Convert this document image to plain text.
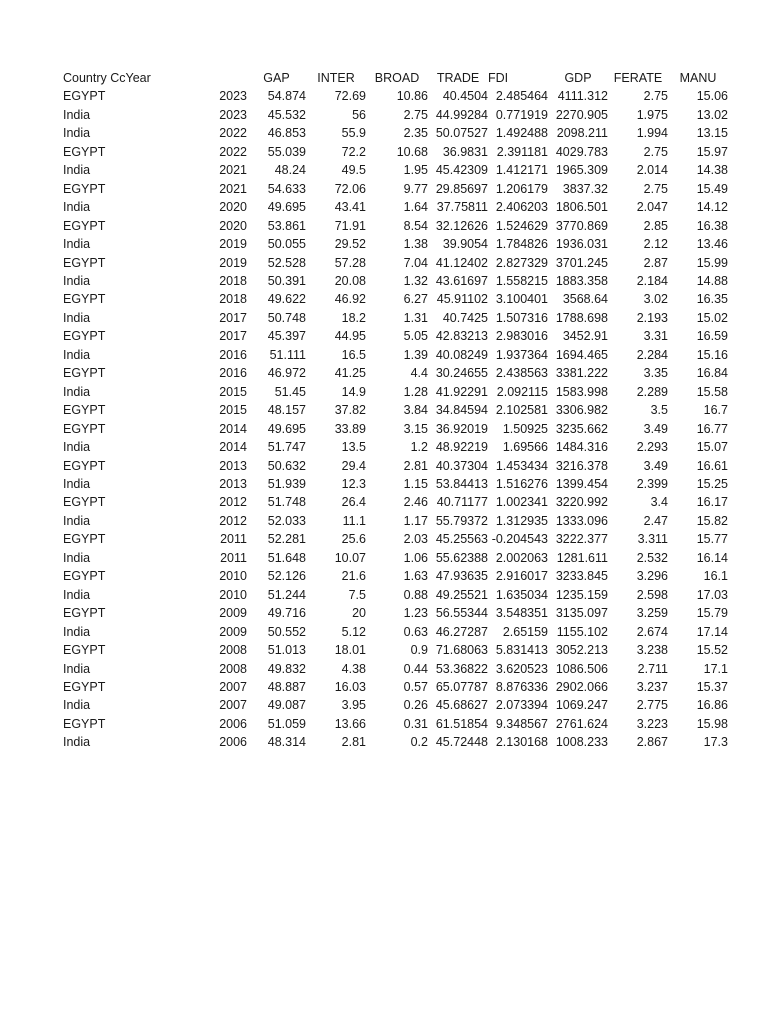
Country CcYear		GAP	INTER	BROAD	TRADE	FDI	GDP	FERATE	MANU
EGYPT	2023	54.874	72.69	10.86	40.4504	2.485464	4111.312	2.75	15.06
India	2023	45.532	56	2.75	44.99284	0.771919	2270.905	1.975	13.02
India	2022	46.853	55.9	2.35	50.07527	1.492488	2098.211	1.994	13.15
EGYPT	2022	55.039	72.2	10.68	36.9831	2.391181	4029.783	2.75	15.97
India	2021	48.24	49.5	1.95	45.42309	1.412171	1965.309	2.014	14.38
EGYPT	2021	54.633	72.06	9.77	29.85697	1.206179	3837.32	2.75	15.49
India	2020	49.695	43.41	1.64	37.75811	2.406203	1806.501	2.047	14.12
EGYPT	2020	53.861	71.91	8.54	32.12626	1.524629	3770.869	2.85	16.38
India	2019	50.055	29.52	1.38	39.9054	1.784826	1936.031	2.12	13.46
EGYPT	2019	52.528	57.28	7.04	41.12402	2.827329	3701.245	2.87	15.99
India	2018	50.391	20.08	1.32	43.61697	1.558215	1883.358	2.184	14.88
EGYPT	2018	49.622	46.92	6.27	45.91102	3.100401	3568.64	3.02	16.35
India	2017	50.748	18.2	1.31	40.7425	1.507316	1788.698	2.193	15.02
EGYPT	2017	45.397	44.95	5.05	42.83213	2.983016	3452.91	3.31	16.59
India	2016	51.111	16.5	1.39	40.08249	1.937364	1694.465	2.284	15.16
EGYPT	2016	46.972	41.25	4.4	30.24655	2.438563	3381.222	3.35	16.84
India	2015	51.45	14.9	1.28	41.92291	2.092115	1583.998	2.289	15.58
EGYPT	2015	48.157	37.82	3.84	34.84594	2.102581	3306.982	3.5	16.7
EGYPT	2014	49.695	33.89	3.15	36.92019	1.50925	3235.662	3.49	16.77
India	2014	51.747	13.5	1.2	48.92219	1.69566	1484.316	2.293	15.07
EGYPT	2013	50.632	29.4	2.81	40.37304	1.453434	3216.378	3.49	16.61
India	2013	51.939	12.3	1.15	53.84413	1.516276	1399.454	2.399	15.25
EGYPT	2012	51.748	26.4	2.46	40.71177	1.002341	3220.992	3.4	16.17
India	2012	52.033	11.1	1.17	55.79372	1.312935	1333.096	2.47	15.82
EGYPT	2011	52.281	25.6	2.03	45.25563	-0.204543	3222.377	3.311	15.77
India	2011	51.648	10.07	1.06	55.62388	2.002063	1281.611	2.532	16.14
EGYPT	2010	52.126	21.6	1.63	47.93635	2.916017	3233.845	3.296	16.1
India	2010	51.244	7.5	0.88	49.25521	1.635034	1235.159	2.598	17.03
EGYPT	2009	49.716	20	1.23	56.55344	3.548351	3135.097	3.259	15.79
India	2009	50.552	5.12	0.63	46.27287	2.65159	1155.102	2.674	17.14
EGYPT	2008	51.013	18.01	0.9	71.68063	5.831413	3052.213	3.238	15.52
India	2008	49.832	4.38	0.44	53.36822	3.620523	1086.506	2.711	17.1
EGYPT	2007	48.887	16.03	0.57	65.07787	8.876336	2902.066	3.237	15.37
India	2007	49.087	3.95	0.26	45.68627	2.073394	1069.247	2.775	16.86
EGYPT	2006	51.059	13.66	0.31	61.51854	9.348567	2761.624	3.223	15.98
India	2006	48.314	2.81	0.2	45.72448	2.130168	1008.233	2.867	17.3
